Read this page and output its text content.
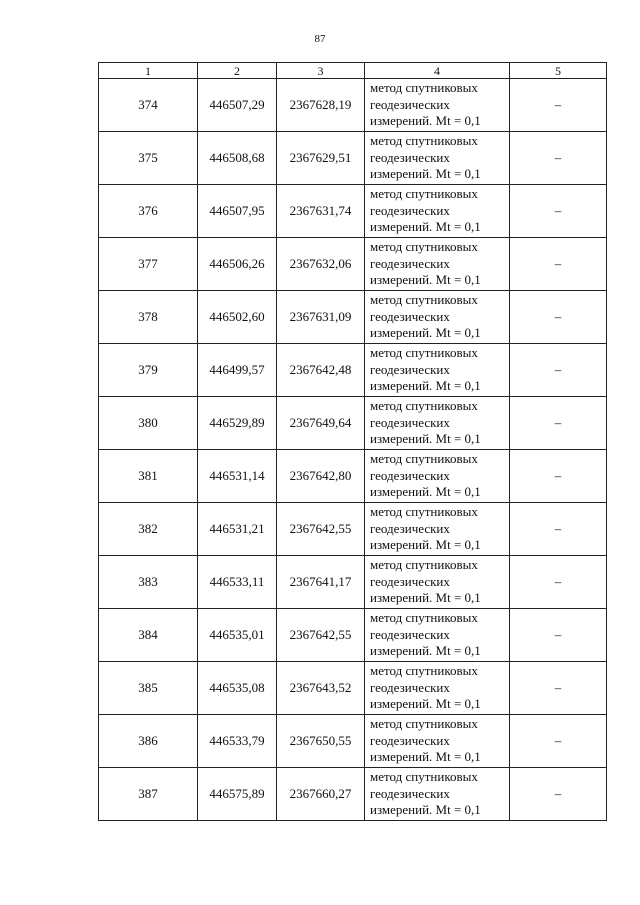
87
1	2	3	4	5
374	446507,29	2367628,19	метод спутниковых
геодезических
измерений. Mt = 0,1	–
375	446508,68	2367629,51	метод спутниковых
геодезических
измерений. Mt = 0,1	–
376	446507,95	2367631,74	метод спутниковых
геодезических
измерений. Mt = 0,1	–
377	446506,26	2367632,06	метод спутниковых
геодезических
измерений. Mt = 0,1	–
378	446502,60	2367631,09	метод спутниковых
геодезических
измерений. Mt = 0,1	–
379	446499,57	2367642,48	метод спутниковых
геодезических
измерений. Mt = 0,1	–
380	446529,89	2367649,64	метод спутниковых
геодезических
измерений. Mt = 0,1	–
381	446531,14	2367642,80	метод спутниковых
геодезических
измерений. Mt = 0,1	–
382	446531,21	2367642,55	метод спутниковых
геодезических
измерений. Mt = 0,1	–
383	446533,11	2367641,17	метод спутниковых
геодезических
измерений. Mt = 0,1	–
384	446535,01	2367642,55	метод спутниковых
геодезических
измерений. Mt = 0,1	–
385	446535,08	2367643,52	метод спутниковых
геодезических
измерений. Mt = 0,1	–
386	446533,79	2367650,55	метод спутниковых
геодезических
измерений. Mt = 0,1	–
387	446575,89	2367660,27	метод спутниковых
геодезических
измерений. Mt = 0,1	–
